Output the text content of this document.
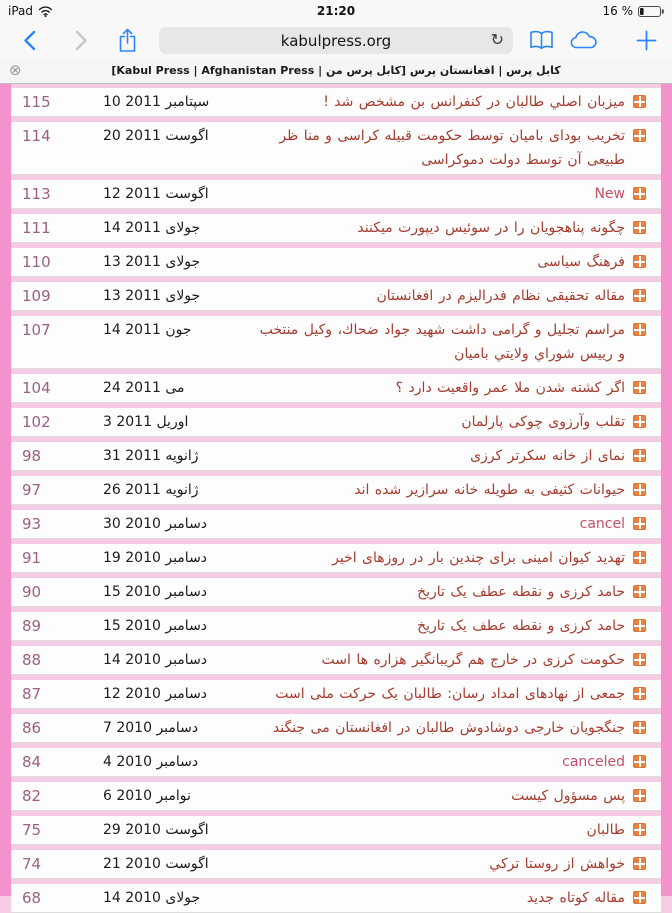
iPad	21:20	16 %
kabulpress.org	↻
⊗	کابل پرس | افغانستان پرس [کابل پرس من | Kabul Press | Afghanistan Press]
115	10 سپتامبر 2011	میزبان اصلي طالبان در کنفرانس بن مشخص شد !
114	20 اگوست 2011	تخریب بودای بامیان توسط حکومت قبیله کراسی و منا ظر طبیعی آن توسط دولت دموکراسی
113	12 اگوست 2011	New
111	14 جولای 2011	چگونه پناهجویان را در سوئیس دیپورت میکنند
110	13 جولای 2011	فرهنگ سیاسی
109	13 جولای 2011	مقاله تحقیقی نظام فدرالیزم در افغانستان
107	14 جون 2011	مراسم تجلیل و گرامی داشت شهید جواد ضحاك، وکیل منتخب و رییس شوراي ولایتي بامیان
104	24 می 2011	اگر کشته شدن ملا عمر واقعیت دارد ؟
102	3 اوریل 2011	تقلب وآرزوی چوکی پارلمان
98	31 ژانویه 2011	نمای از خانه سکرتر کرزی
97	26 ژانویه 2011	حیوانات کثیفی به طویله خانه سرازیر شده اند
93	30 دسامبر 2010	cancel
91	19 دسامبر 2010	تهدید کیوان امینی برای چندین بار در روزهای اخیر
90	15 دسامبر 2010	حامد کرزی و نقطه عطف یک تاریخ
89	15 دسامبر 2010	حامد کرزی و نقطه عطف یک تاریخ
88	14 دسامبر 2010	حکومت کرزی در خارج هم گریبانگیر هزاره ها است
87	12 دسامبر 2010	جمعی از نهادهای امداد رسان: طالبان یک حرکت ملی است
86	7 دسامبر 2010	جنگجویان خارجی دوشادوش طالبان در افغانستان می جنگند
84	4 دسامبر 2010	canceled
82	6 نوامبر 2010	پس مسؤول کیست
75	29 اگوست 2010	طالبان
74	21 اگوست 2010	خواهش از روستا ترکي
68	14 جولای 2010	مقاله کوتاه جدید
